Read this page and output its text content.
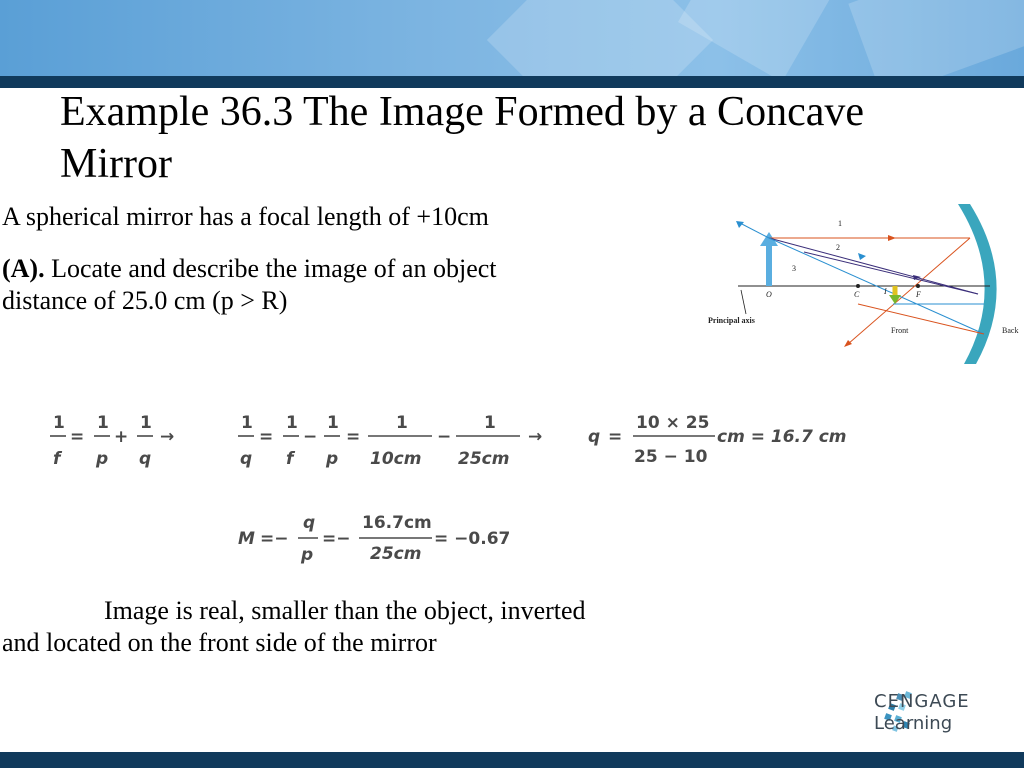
Example 36.3 The Image Formed by a Concave Mirror
A spherical mirror has a focal length of +10cm
(A). Locate and describe the image of an object
distance of 25.0 cm (p > R)
1
2
3
O	C	I	F
Principal axis
Front	Back
1
f
=
1
p
+
1
q
→
1
q
=
1
f
−
1
p
=
1
10cm
−
1
25cm
→	q =
10 × 25
25 − 10
cm = 16.7 cm
M =−
q
p
=−
16.7cm
25cm
= −0.67
Image is real, smaller than the object, inverted
and located on the front side of the mirror
CENGAGE
Learning
